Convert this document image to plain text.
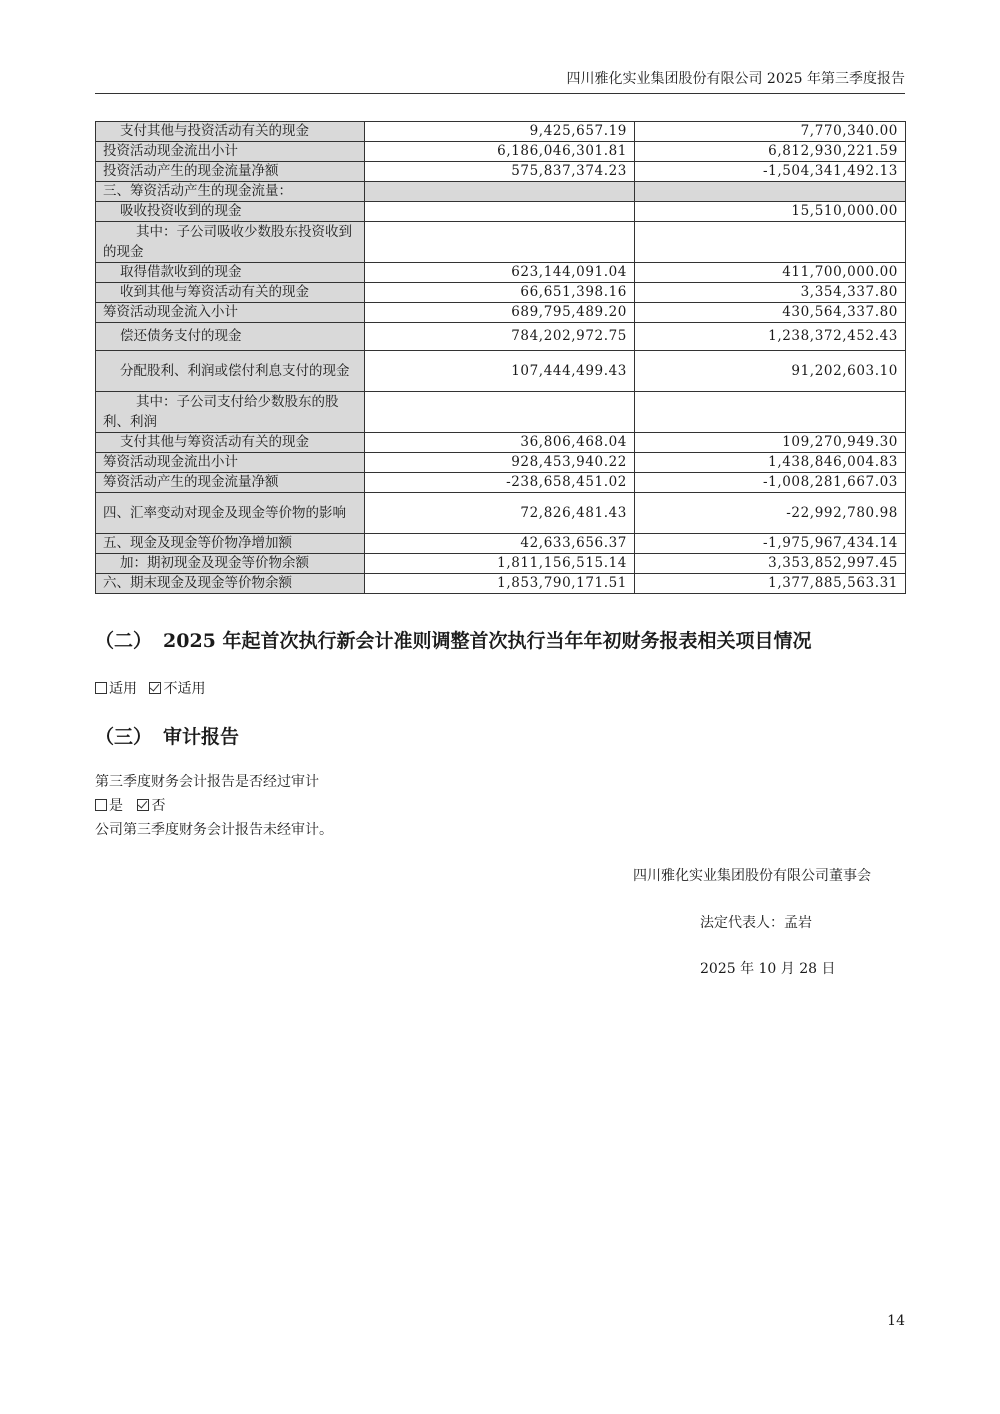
四川雅化实业集团股份有限公司 2025 年第三季度报告
支付其他与投资活动有关的现金	9,425,657.19	7,770,340.00
投资活动现金流出小计	6,186,046,301.81	6,812,930,221.59
投资活动产生的现金流量净额	575,837,374.23	-1,504,341,492.13
三、筹资活动产生的现金流量：		
吸收投资收到的现金		15,510,000.00
其中：子公司吸收少数股东投资收到的现金		
取得借款收到的现金	623,144,091.04	411,700,000.00
收到其他与筹资活动有关的现金	66,651,398.16	3,354,337.80
筹资活动现金流入小计	689,795,489.20	430,564,337.80
偿还债务支付的现金	784,202,972.75	1,238,372,452.43
分配股利、利润或偿付利息支付的现金	107,444,499.43	91,202,603.10
其中：子公司支付给少数股东的股利、利润		
支付其他与筹资活动有关的现金	36,806,468.04	109,270,949.30
筹资活动现金流出小计	928,453,940.22	1,438,846,004.83
筹资活动产生的现金流量净额	-238,658,451.02	-1,008,281,667.03
四、汇率变动对现金及现金等价物的影响	72,826,481.43	-22,992,780.98
五、现金及现金等价物净增加额	42,633,656.37	-1,975,967,434.14
加：期初现金及现金等价物余额	1,811,156,515.14	3,353,852,997.45
六、期末现金及现金等价物余额	1,853,790,171.51	1,377,885,563.31
（二） 2025 年起首次执行新会计准则调整首次执行当年年初财务报表相关项目情况
适用 不适用
（三） 审计报告
第三季度财务会计报告是否经过审计
是 否
公司第三季度财务会计报告未经审计。
四川雅化实业集团股份有限公司董事会
法定代表人：孟岩
2025 年 10 月 28 日
14
